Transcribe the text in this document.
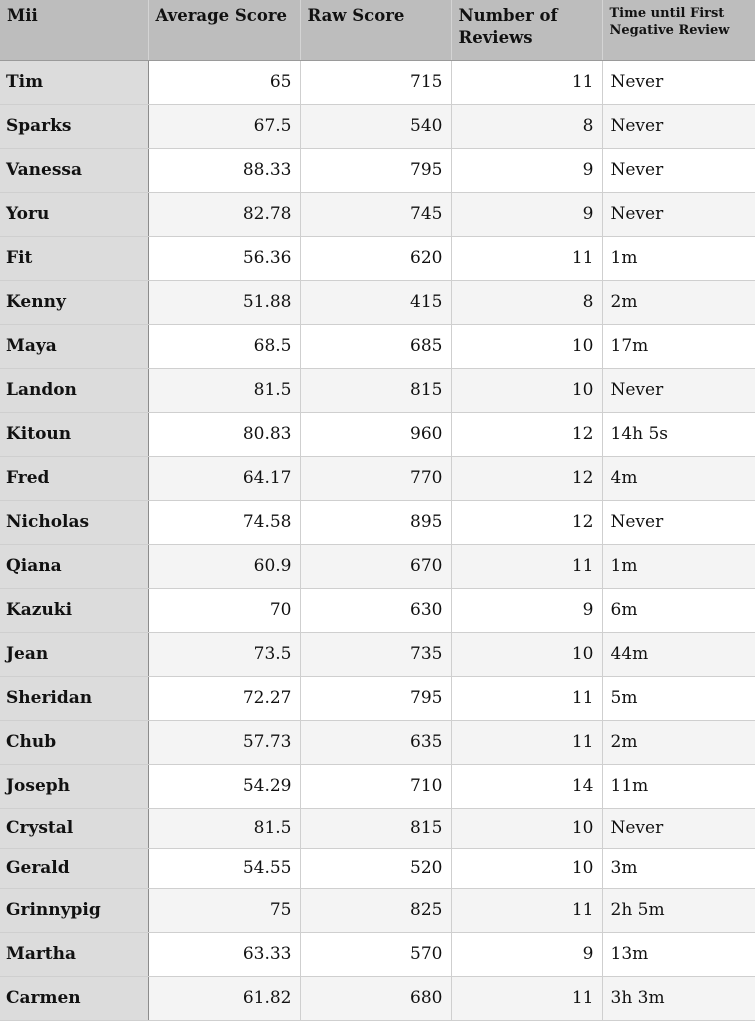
Mii	Average Score	Raw Score	Number of Reviews	Time until First Negative Review
Tim	65	715	11	Never
Sparks	67.5	540	8	Never
Vanessa	88.33	795	9	Never
Yoru	82.78	745	9	Never
Fit	56.36	620	11	1m
Kenny	51.88	415	8	2m
Maya	68.5	685	10	17m
Landon	81.5	815	10	Never
Kitoun	80.83	960	12	14h 5s
Fred	64.17	770	12	4m
Nicholas	74.58	895	12	Never
Qiana	60.9	670	11	1m
Kazuki	70	630	9	6m
Jean	73.5	735	10	44m
Sheridan	72.27	795	11	5m
Chub	57.73	635	11	2m
Joseph	54.29	710	14	11m
Crystal	81.5	815	10	Never
Gerald	54.55	520	10	3m
Grinnypig	75	825	11	2h 5m
Martha	63.33	570	9	13m
Carmen	61.82	680	11	3h 3m
